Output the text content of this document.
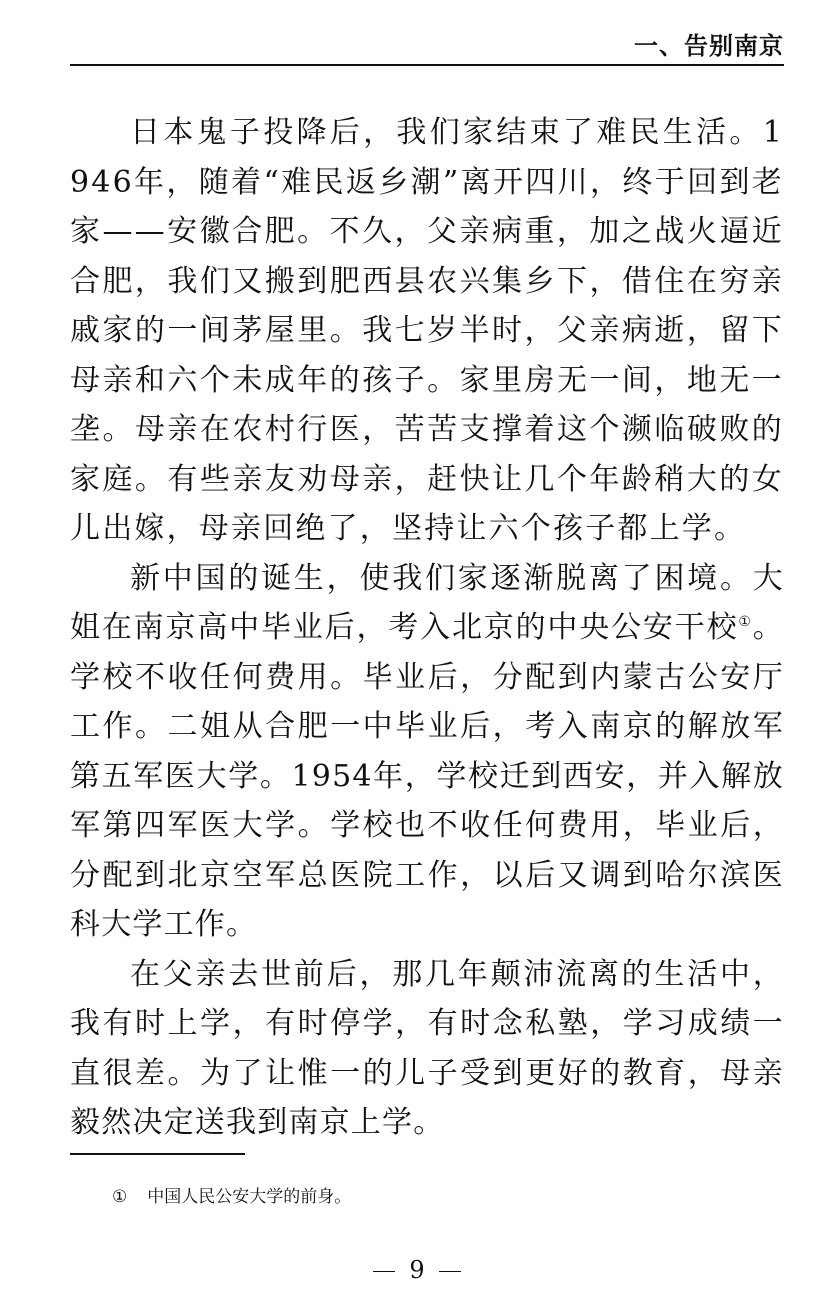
一、告别南京

日本鬼子投降后，我们家结束了难民生活。1946年，随着“难民返乡潮”离开四川，终于回到老家——安徽合肥。不久，父亲病重，加之战火逼近合肥，我们又搬到肥西县农兴集乡下，借住在穷亲戚家的一间茅屋里。我七岁半时，父亲病逝，留下母亲和六个未成年的孩子。家里房无一间，地无一垄。母亲在农村行医，苦苦支撑着这个濒临破败的家庭。有些亲友劝母亲，赶快让几个年龄稍大的女儿出嫁，母亲回绝了，坚持让六个孩子都上学。

新中国的诞生，使我们家逐渐脱离了困境。大姐在南京高中毕业后，考入北京的中央公安干校①。学校不收任何费用。毕业后，分配到内蒙古公安厅工作。二姐从合肥一中毕业后，考入南京的解放军第五军医大学。1954年，学校迁到西安，并入解放军第四军医大学。学校也不收任何费用，毕业后，分配到北京空军总医院工作，以后又调到哈尔滨医科大学工作。

在父亲去世前后，那几年颠沛流离的生活中，我有时上学，有时停学，有时念私塾，学习成绩一直很差。为了让惟一的儿子受到更好的教育，母亲毅然决定送我到南京上学。

① 中国人民公安大学的前身。
9
